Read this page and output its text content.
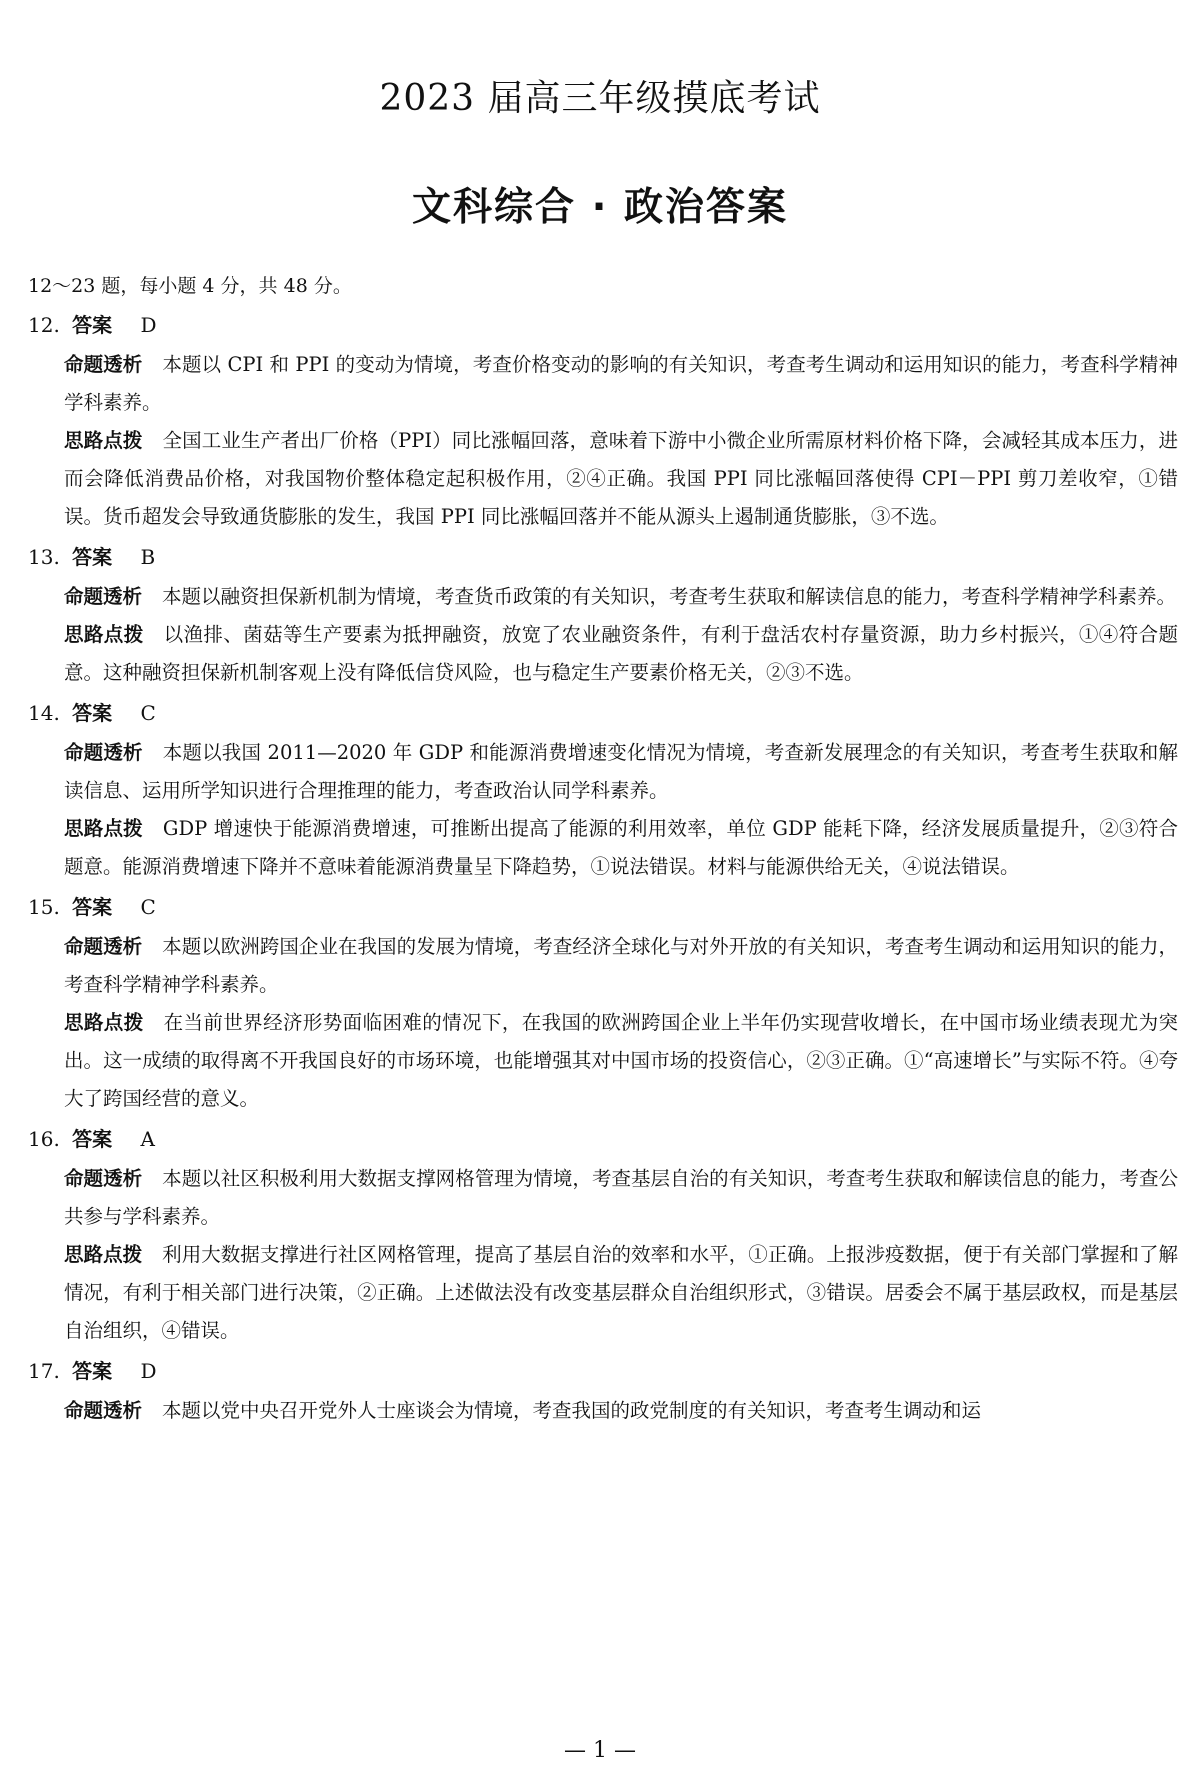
2023 届高三年级摸底考试
文科综合 · 政治答案
12～23 题，每小题 4 分，共 48 分。
12. 答案 D
命题透析 本题以 CPI 和 PPI 的变动为情境，考查价格变动的影响的有关知识，考查考生调动和运用知识的能力，考查科学精神学科素养。
思路点拨 全国工业生产者出厂价格（PPI）同比涨幅回落，意味着下游中小微企业所需原材料价格下降，会减轻其成本压力，进而会降低消费品价格，对我国物价整体稳定起积极作用，②④正确。我国 PPI 同比涨幅回落使得 CPI－PPI 剪刀差收窄，①错误。货币超发会导致通货膨胀的发生，我国 PPI 同比涨幅回落并不能从源头上遏制通货膨胀，③不选。
13. 答案 B
命题透析 本题以融资担保新机制为情境，考查货币政策的有关知识，考查考生获取和解读信息的能力，考查科学精神学科素养。
思路点拨 以渔排、菌菇等生产要素为抵押融资，放宽了农业融资条件，有利于盘活农村存量资源，助力乡村振兴，①④符合题意。这种融资担保新机制客观上没有降低信贷风险，也与稳定生产要素价格无关，②③不选。
14. 答案 C
命题透析 本题以我国 2011—2020 年 GDP 和能源消费增速变化情况为情境，考查新发展理念的有关知识，考查考生获取和解读信息、运用所学知识进行合理推理的能力，考查政治认同学科素养。
思路点拨 GDP 增速快于能源消费增速，可推断出提高了能源的利用效率，单位 GDP 能耗下降，经济发展质量提升，②③符合题意。能源消费增速下降并不意味着能源消费量呈下降趋势，①说法错误。材料与能源供给无关，④说法错误。
15. 答案 C
命题透析 本题以欧洲跨国企业在我国的发展为情境，考查经济全球化与对外开放的有关知识，考查考生调动和运用知识的能力，考查科学精神学科素养。
思路点拨 在当前世界经济形势面临困难的情况下，在我国的欧洲跨国企业上半年仍实现营收增长，在中国市场业绩表现尤为突出。这一成绩的取得离不开我国良好的市场环境，也能增强其对中国市场的投资信心，②③正确。①“高速增长”与实际不符。④夸大了跨国经营的意义。
16. 答案 A
命题透析 本题以社区积极利用大数据支撑网格管理为情境，考查基层自治的有关知识，考查考生获取和解读信息的能力，考查公共参与学科素养。
思路点拨 利用大数据支撑进行社区网格管理，提高了基层自治的效率和水平，①正确。上报涉疫数据，便于有关部门掌握和了解情况，有利于相关部门进行决策，②正确。上述做法没有改变基层群众自治组织形式，③错误。居委会不属于基层政权，而是基层自治组织，④错误。
17. 答案 D
命题透析 本题以党中央召开党外人士座谈会为情境，考查我国的政党制度的有关知识，考查考生调动和运
— 1 —
